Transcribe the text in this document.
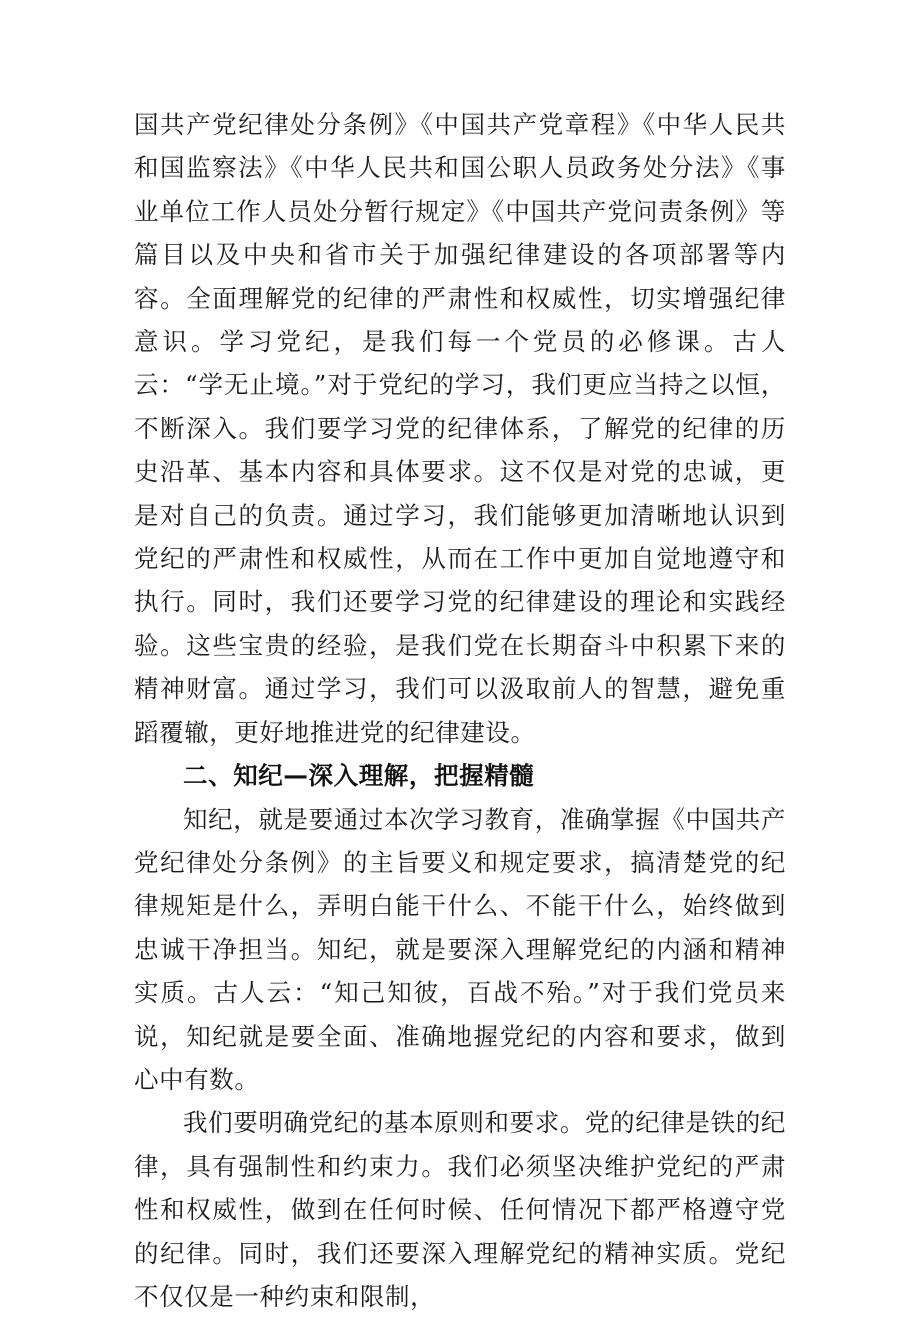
国共产党纪律处分条例》《中国共产党章程》《中华人民共和国监察法》《中华人民共和国公职人员政务处分法》《事业单位工作人员处分暂行规定》《中国共产党问责条例》等篇目以及中央和省市关于加强纪律建设的各项部署等内容。全面理解党的纪律的严肃性和权威性，切实增强纪律意识。学习党纪，是我们每一个党员的必修课。古人云：“学无止境。”对于党纪的学习，我们更应当持之以恒，不断深入。我们要学习党的纪律体系，了解党的纪律的历史沿革、基本内容和具体要求。这不仅是对党的忠诚，更是对自己的负责。通过学习，我们能够更加清晰地认识到党纪的严肃性和权威性，从而在工作中更加自觉地遵守和执行。同时，我们还要学习党的纪律建设的理论和实践经验。这些宝贵的经验，是我们党在长期奋斗中积累下来的精神财富。通过学习，我们可以汲取前人的智慧，避免重蹈覆辙，更好地推进党的纪律建设。

二、知纪—深入理解，把握精髓

知纪，就是要通过本次学习教育，准确掌握《中国共产党纪律处分条例》的主旨要义和规定要求，搞清楚党的纪律规矩是什么，弄明白能干什么、不能干什么，始终做到忠诚干净担当。知纪，就是要深入理解党纪的内涵和精神实质。古人云：“知己知彼，百战不殆。”对于我们党员来说，知纪就是要全面、准确地握党纪的内容和要求，做到心中有数。

我们要明确党纪的基本原则和要求。党的纪律是铁的纪律，具有强制性和约束力。我们必须坚决维护党纪的严肃性和权威性，做到在任何时候、任何情况下都严格遵守党的纪律。同时，我们还要深入理解党纪的精神实质。党纪不仅仅是一种约束和限制，
